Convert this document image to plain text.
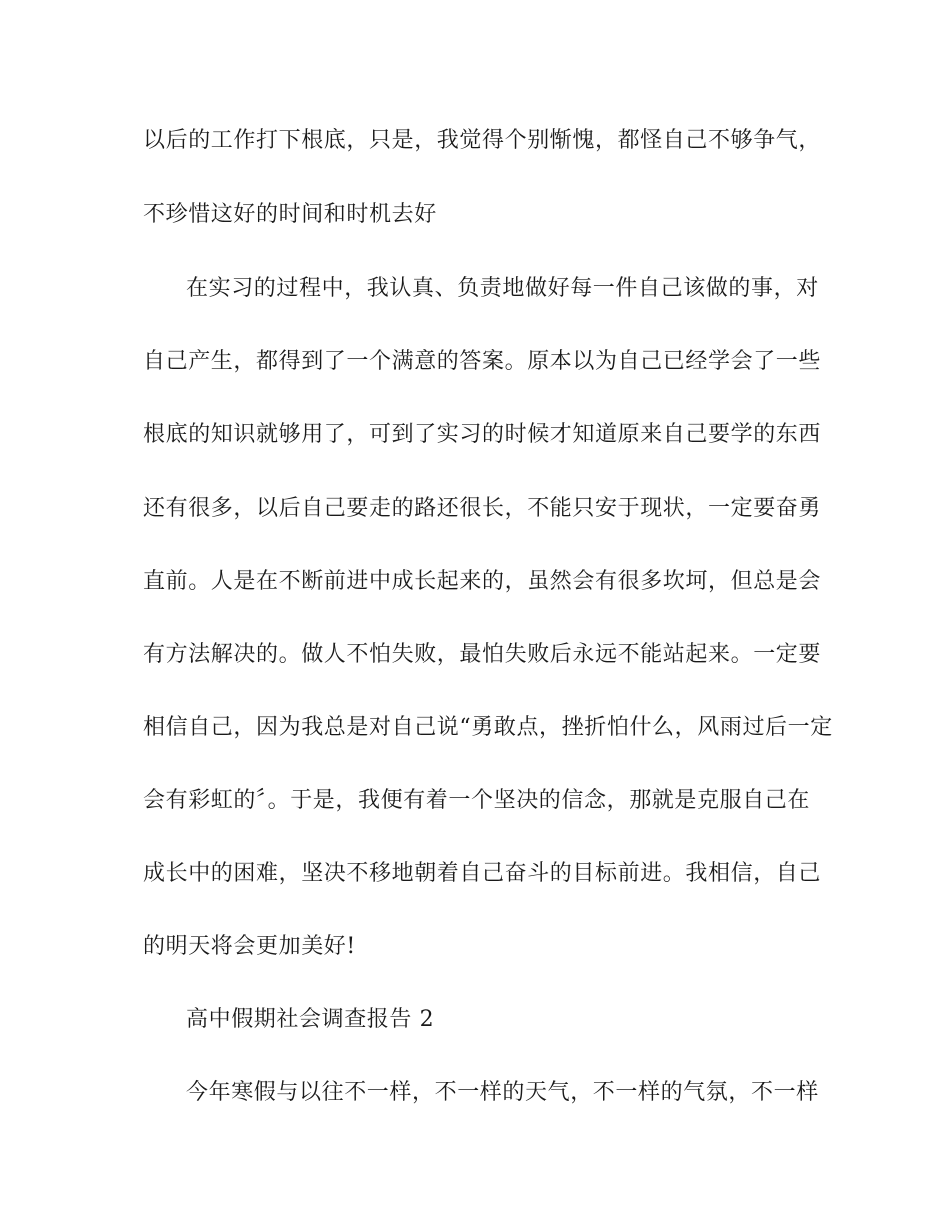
以后的工作打下根底，只是，我觉得个别惭愧，都怪自己不够争气，
不珍惜这好的时间和时机去好
在实习的过程中，我认真、负责地做好每一件自己该做的事，对
自己产生，都得到了一个满意的答案。原本以为自己已经学会了一些
根底的知识就够用了，可到了实习的时候才知道原来自己要学的东西
还有很多，以后自己要走的路还很长，不能只安于现状，一定要奋勇
直前。人是在不断前进中成长起来的，虽然会有很多坎坷，但总是会
有方法解决的。做人不怕失败，最怕失败后永远不能站起来。一定要
相信自己，因为我总是对自己说“勇敢点，挫折怕什么，风雨过后一定
会有彩虹的〞。于是，我便有着一个坚决的信念，那就是克服自己在
成长中的困难，坚决不移地朝着自己奋斗的目标前进。我相信，自己
的明天将会更加美好!
高中假期社会调查报告 2
今年寒假与以往不一样，不一样的天气，不一样的气氛，不一样
